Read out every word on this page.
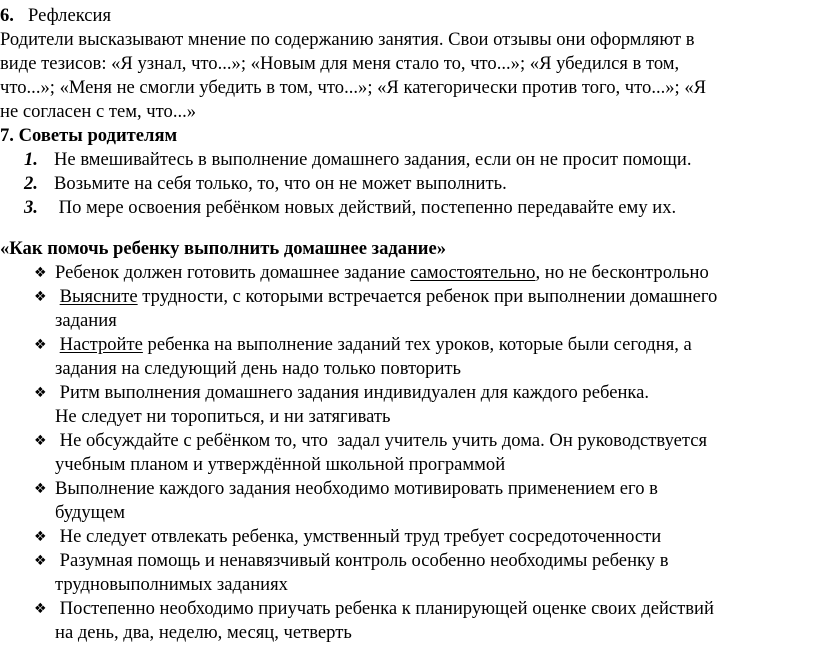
6. Рефлексия
Родители высказывают мнение по содержанию занятия. Свои отзывы они оформляют в
виде тезисов: «Я узнал, что...»; «Новым для меня стало то, что...»; «Я убедился в том,
что...»; «Меня не смогли убедить в том, что...»; «Я категорически против того, что...»; «Я
не согласен с тем, что...»
7. Советы родителям
1. Не вмешивайтесь в выполнение домашнего задания, если он не просит помощи.
2. Возьмите на себя только, то, что он не может выполнить.
3. По мере освоения ребёнком новых действий, постепенно передавайте ему их.
«Как помочь ребенку выполнить домашнее задание»
❖ Ребенок должен готовить домашнее задание самостоятельно, но не бесконтрольно
❖ Выясните трудности, с которыми встречается ребенок при выполнении домашнего
задания
❖ Настройте ребенка на выполнение заданий тех уроков, которые были сегодня, а
задания на следующий день надо только повторить
❖ Ритм выполнения домашнего задания индивидуален для каждого ребенка.
Не следует ни торопиться, и ни затягивать
❖ Не обсуждайте с ребёнком то, что  задал учитель учить дома. Он руководствуется
учебным планом и утверждённой школьной программой
❖ Выполнение каждого задания необходимо мотивировать применением его в
будущем
❖ Не следует отвлекать ребенка, умственный труд требует сосредоточенности
❖ Разумная помощь и ненавязчивый контроль особенно необходимы ребенку в
трудновыполнимых заданиях
❖ Постепенно необходимо приучать ребенка к планирующей оценке своих действий
на день, два, неделю, месяц, четверть
